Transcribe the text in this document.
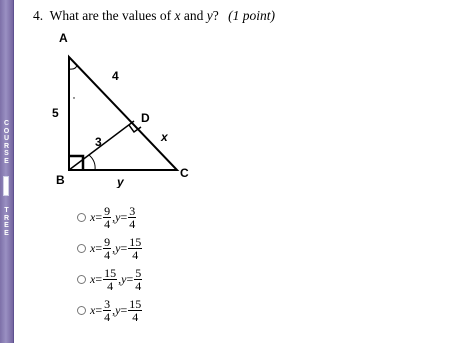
C
O
U
R
S
E
T
R
E
E
4. What are the values of x and y? (1 point)
A
B	C
D
4
5
3	x
y
$x = \frac{9}{4}$ , $y = \frac{3}{4}$
$x = \frac{9}{4}$ , $y = \frac{15}{4}$
$x = \frac{15}{4}$ , $y = \frac{5}{4}$
$x = \frac{3}{4}$ , $y = \frac{15}{4}$
